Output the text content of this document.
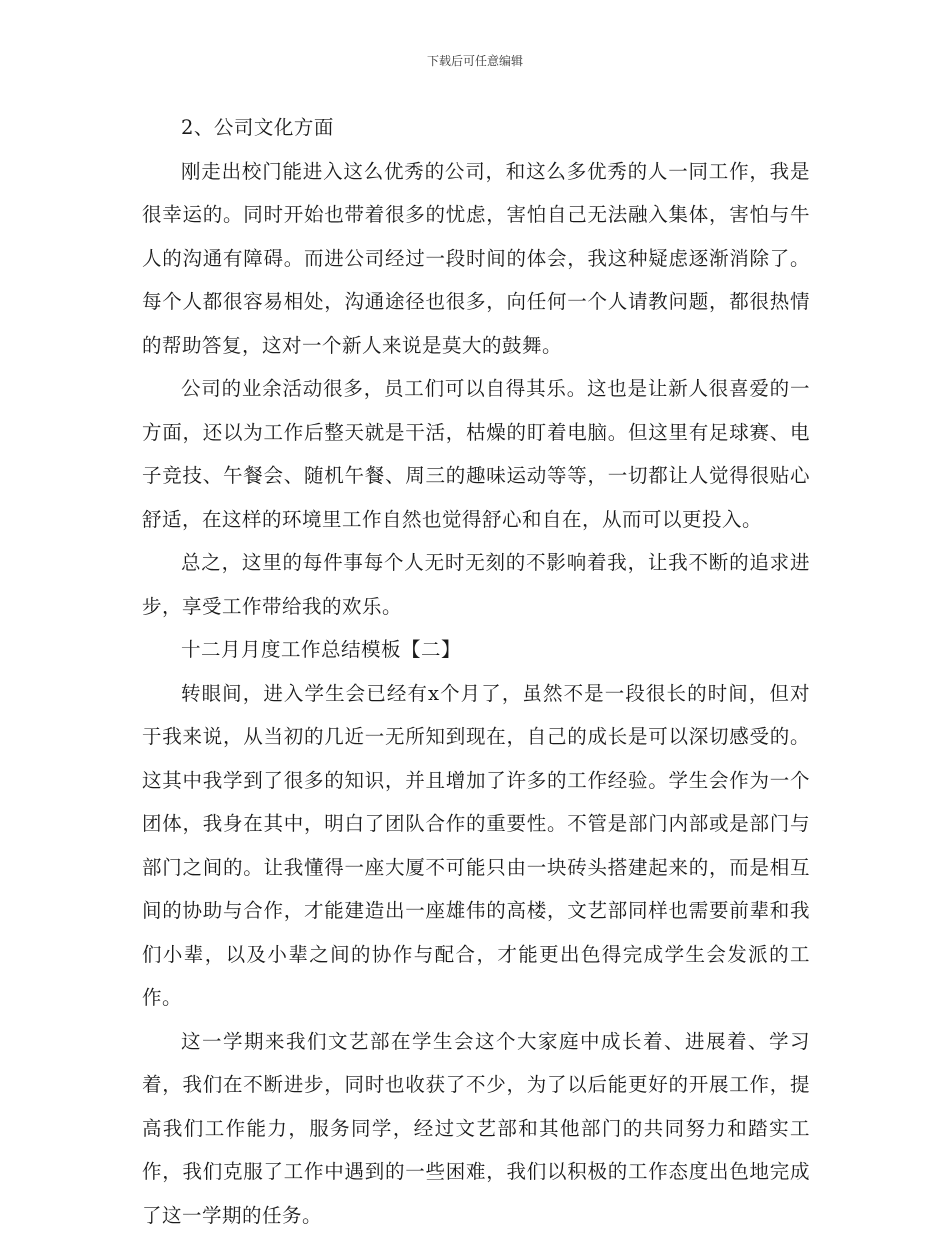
下载后可任意编辑

2、公司文化方面

刚走出校门能进入这么优秀的公司，和这么多优秀的人一同工作，我是很幸运的。同时开始也带着很多的忧虑，害怕自己无法融入集体，害怕与牛人的沟通有障碍。而进公司经过一段时间的体会，我这种疑虑逐渐消除了。每个人都很容易相处，沟通途径也很多，向任何一个人请教问题，都很热情的帮助答复，这对一个新人来说是莫大的鼓舞。

公司的业余活动很多，员工们可以自得其乐。这也是让新人很喜爱的一方面，还以为工作后整天就是干活，枯燥的盯着电脑。但这里有足球赛、电子竞技、午餐会、随机午餐、周三的趣味运动等等，一切都让人觉得很贴心舒适，在这样的环境里工作自然也觉得舒心和自在，从而可以更投入。

总之，这里的每件事每个人无时无刻的不影响着我，让我不断的追求进步，享受工作带给我的欢乐。

十二月月度工作总结模板【二】

转眼间，进入学生会已经有x个月了，虽然不是一段很长的时间，但对于我来说，从当初的几近一无所知到现在，自己的成长是可以深切感受的。这其中我学到了很多的知识，并且增加了许多的工作经验。学生会作为一个团体，我身在其中，明白了团队合作的重要性。不管是部门内部或是部门与部门之间的。让我懂得一座大厦不可能只由一块砖头搭建起来的，而是相互间的协助与合作，才能建造出一座雄伟的高楼，文艺部同样也需要前辈和我们小辈，以及小辈之间的协作与配合，才能更出色得完成学生会发派的工作。

这一学期来我们文艺部在学生会这个大家庭中成长着、进展着、学习着，我们在不断进步，同时也收获了不少，为了以后能更好的开展工作，提高我们工作能力，服务同学，经过文艺部和其他部门的共同努力和踏实工作，我们克服了工作中遇到的一些困难，我们以积极的工作态度出色地完成了这一学期的任务。
